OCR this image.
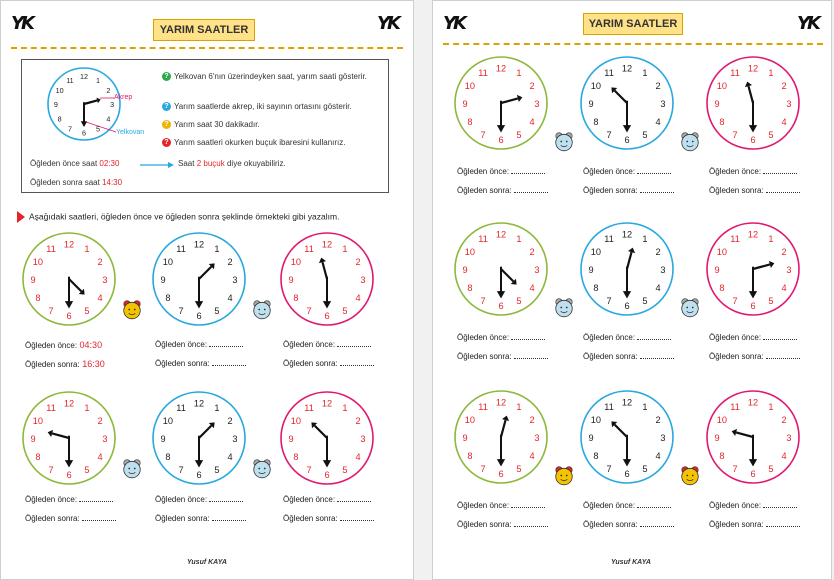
YK	YK
YARIM SAATLER
12 1
2
3
4
5
6
7
8
9
10
11
Akrep
Yelkovan
? Yelkovan 6'nın üzerindeyken saat, yarım saati gösterir.
? Yarım saatlerde akrep, iki sayının ortasını gösterir.
? Yarım saat 30 dakikadır.
? Yarım saatleri okurken buçuk ibaresini kullanırız.
Öğleden önce saat 02:30	Saat 2 buçuk diye okuyabiliriz.
Öğleden sonra saat 14:30
Aşağıdaki saatleri, öğleden önce ve öğleden sonra şeklinde örnekteki gibi yazalım.
12 1
2
3
4
5
6
7
8
9
10
11
Öğleden önce: 04:30
Öğleden sonra: 16:30
12 1
2
3
4
5
6
7
8
9
10
11
Öğleden önce:
Öğleden sonra:
12 1
2
3
4
5
6
7
8
9
10
11
Öğleden önce:
Öğleden sonra:
12 1
2
3
4
5
6
7
8
9
10
11
Öğleden önce:
Öğleden sonra:
12 1
2
3
4
5
6
7
8
9
10
11
Öğleden önce:
Öğleden sonra:
12 1
2
3
4
5
6
7
8
9
10
11
Öğleden önce:
Öğleden sonra:
Yusuf KAYA
YK	YK
YARIM SAATLER
12 1
2
3
4
5
6
7
8
9
10
11
Öğleden önce:
Öğleden sonra:
12 1
2
3
4
5
6
7
8
9
10
11
Öğleden önce:
Öğleden sonra:
12 1
2
3
4
5
6
7
8
9
10
11
Öğleden önce:
Öğleden sonra:
12 1
2
3
4
5
6
7
8
9
10
11
Öğleden önce:
Öğleden sonra:
12 1
2
3
4
5
6
7
8
9
10
11
Öğleden önce:
Öğleden sonra:
12 1
2
3
4
5
6
7
8
9
10
11
Öğleden önce:
Öğleden sonra:
12 1
2
3
4
5
6
7
8
9
10
11
Öğleden önce:
Öğleden sonra:
12 1
2
3
4
5
6
7
8
9
10
11
Öğleden önce:
Öğleden sonra:
12 1
2
3
4
5
6
7
8
9
10
11
Öğleden önce:
Öğleden sonra:
Yusuf KAYA
